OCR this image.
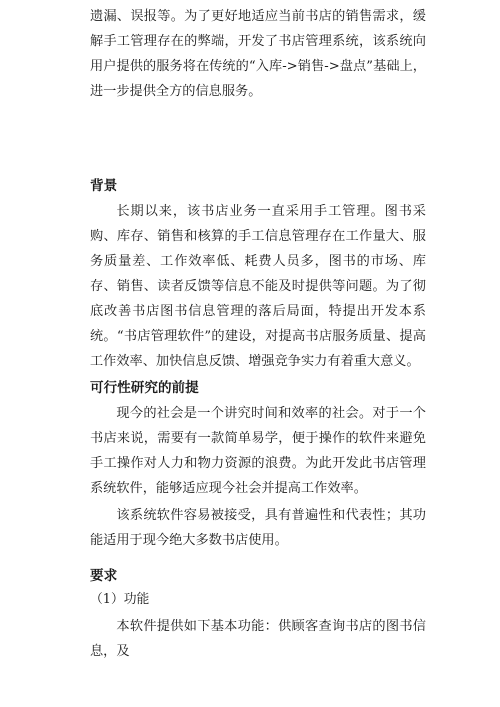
遗漏、误报等。为了更好地适应当前书店的销售需求，缓解手工管理存在的弊端，开发了书店管理系统，该系统向用户提供的服务将在传统的“入库->销售->盘点”基础上，进一步提供全方的信息服务。

背景

长期以来，该书店业务一直采用手工管理。图书采购、库存、销售和核算的手工信息管理存在工作量大、服务质量差、工作效率低、耗费人员多，图书的市场、库存、销售、读者反馈等信息不能及时提供等问题。为了彻底改善书店图书信息管理的落后局面，特提出开发本系统。“书店管理软件”的建设，对提高书店服务质量、提高工作效率、加快信息反馈、增强竞争实力有着重大意义。

可行性研究的前提

现今的社会是一个讲究时间和效率的社会。对于一个书店来说，需要有一款简单易学，便于操作的软件来避免手工操作对人力和物力资源的浪费。为此开发此书店管理系统软件，能够适应现今社会并提高工作效率。

该系统软件容易被接受，具有普遍性和代表性；其功能适用于现今绝大多数书店使用。

要求

（1）功能

本软件提供如下基本功能：供顾客查询书店的图书信息，及
